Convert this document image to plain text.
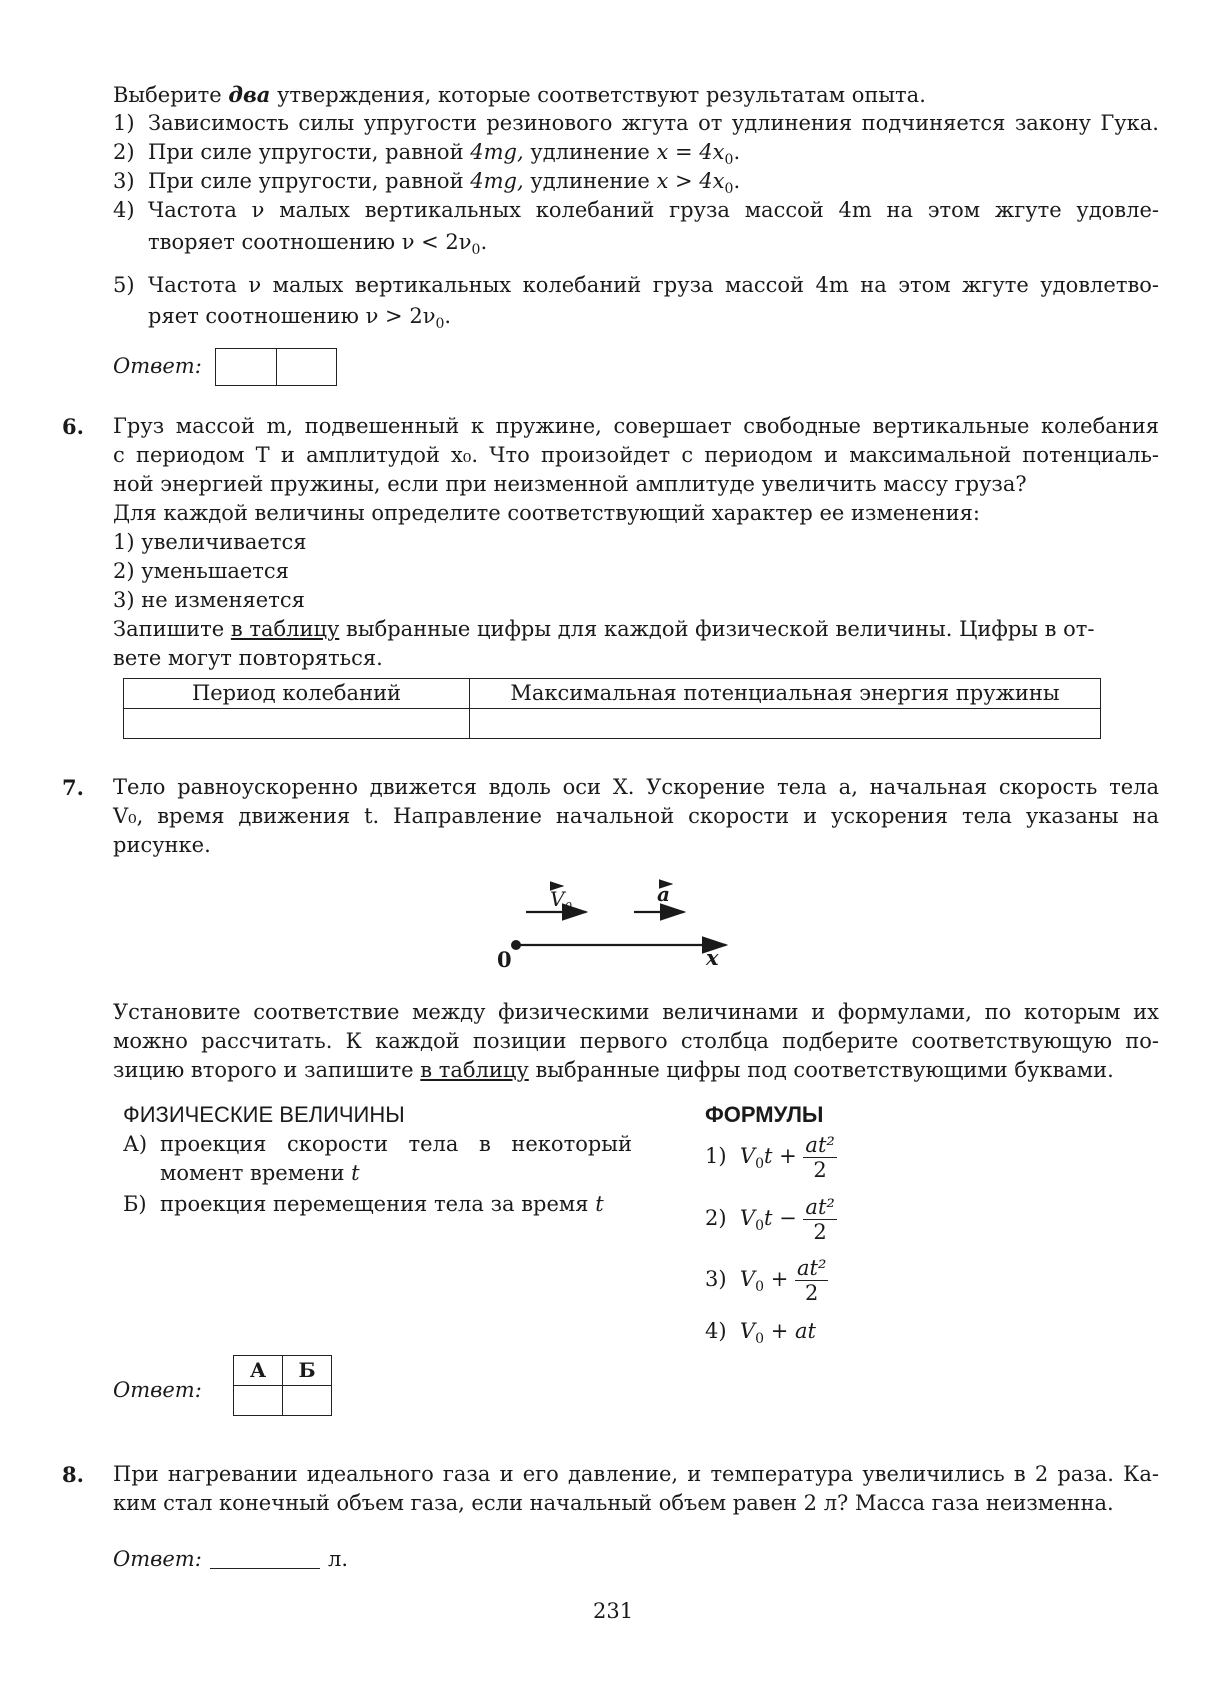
Выберите два утверждения, которые соответствуют результатам опыта.
1) Зависимость силы упругости резинового жгута от удлинения подчиняется закону Гука.
2) При силе упругости, равной 4mg, удлинение $x = 4x_0$.
3) При силе упругости, равной 4mg, удлинение $x > 4x_0$.
4) Частота ν малых вертикальных колебаний груза массой 4m на этом жгуте удовле-
творяет соотношению $\nu < 2\nu_0$.
5) Частота ν малых вертикальных колебаний груза массой 4m на этом жгуте удовлетво-
ряет соотношению $\nu > 2\nu_0$.
Ответ:
6. Груз массой m, подвешенный к пружине, совершает свободные вертикальные колебания
с периодом T и амплитудой x₀. Что произойдет с периодом и максимальной потенциаль-
ной энергией пружины, если при неизменной амплитуде увеличить массу груза?
Для каждой величины определите соответствующий характер ее изменения:
1) увеличивается
2) уменьшается
3) не изменяется
Запишите в таблицу выбранные цифры для каждой физической величины. Цифры в от-
вете могут повторяться.
Период колебаний	Максимальная потенциальная энергия пружины

7. Тело равноускоренно движется вдоль оси X. Ускорение тела a, начальная скорость тела
V₀, время движения t. Направление начальной скорости и ускорения тела указаны на
рисунке.
$V_0$
a
0	x
Установите соответствие между физическими величинами и формулами, по которым их
можно рассчитать. К каждой позиции первого столбца подберите соответствующую по-
зицию второго и запишите в таблицу выбранные цифры под соответствующими буквами.
ФИЗИЧЕСКИЕ ВЕЛИЧИНЫ	ФОРМУЛЫ
А) проекция скорости тела в некоторый
момент времени t
Б) проекция перемещения тела за время t
1) $V_0t + \frac{\text{at²}}{2}$
2) $V_0t - \frac{\text{at²}}{2}$
3) $V_0 + \frac{\text{at²}}{2}$
4) $V_0$ + at
Ответ:
А	Б

8. При нагревании идеального газа и его давление, и температура увеличились в 2 раза. Ка-
ким стал конечный объем газа, если начальный объем равен 2 л? Масса газа неизменна.
Ответ:	л.
231
